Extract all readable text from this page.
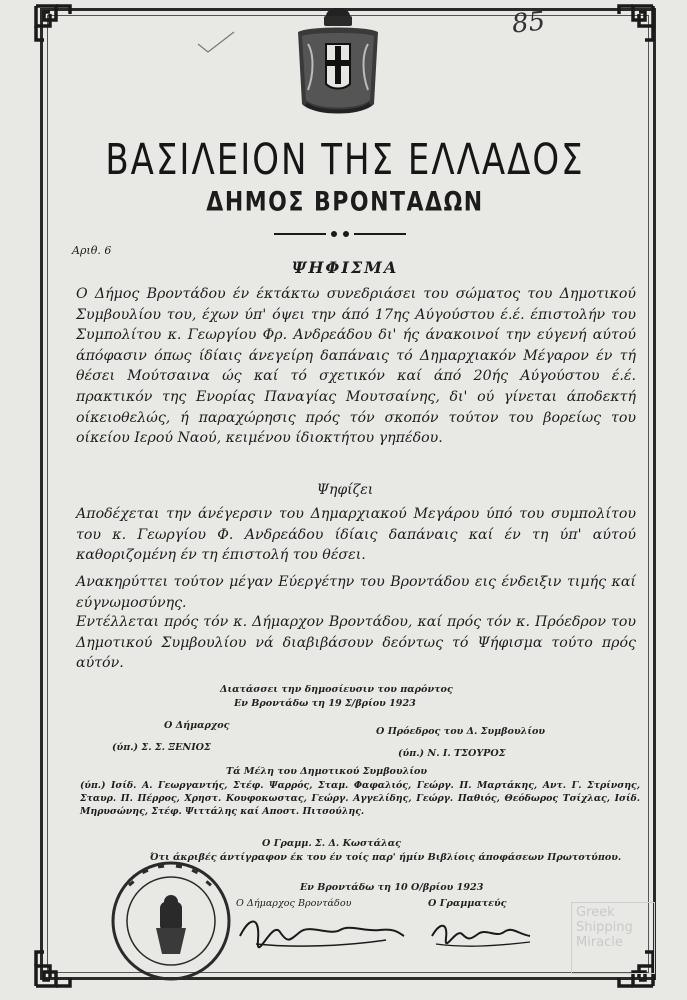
85
ΒΑΣΙΛΕΙΟΝ ΤΗΣ ΕΛΛΑΔΟΣ
ΔΗΜΟΣ ΒΡΟΝΤΑΔΩΝ
Αριθ. 6
ΨΗΦΙΣΜΑ

Ο Δήμος Βροντάδου έν έκτάκτω συνεδριάσει του σώματος του Δημοτικού Συμβουλίου του, έχων ύπ' όψει την άπό 17ης Αύγούστου έ.έ. έπιστολήν του Συμπολίτου κ. Γεωργίου Φρ. Ανδρεάδου δι' ής άνακοινοί την εύγενή αύτού άπόφασιν όπως ίδίαις άνεγείρη δαπάναις τό Δημαρχιακόν Μέγαρον έν τή θέσει Μούτσαινα ώς καί τό σχετικόν καί άπό 20ής Αύγούστου έ.έ. πρακτικόν της Ενορίας Παναγίας Μουτσαίνης, δι' ού γίνεται άποδεκτή οίκειοθελώς, ή παραχώρησις πρός τόν σκοπόν τούτον του βορείως του οίκείου Ιερού Ναού, κειμένου ίδιοκτήτου γηπέδου.

Ψηφίζει

Αποδέχεται την άνέγερσιν του Δημαρχιακού Μεγάρου ύπό του συμπολίτου του κ. Γεωργίου Φ. Ανδρεάδου ίδίαις δαπάναις καί έν τη ύπ' αύτού καθοριζομένη έν τη έπιστολή του θέσει.

Ανακηρύττει τούτον μέγαν Εύεργέτην του Βροντάδου εις ένδειξιν τιμής καί εύγνωμοσύνης.

Εντέλλεται πρός τόν κ. Δήμαρχον Βροντάδου, καί πρός τόν κ. Πρόεδρον του Δημοτικού Συμβουλίου νά διαβιβάσουν δεόντως τό Ψήφισμα τούτο πρός αύτόν.

Διατάσσει την δημοσίευσιν του παρόντος
Εν Βροντάδω τη 19 Σ/βρίου 1923
Ο Δήμαρχος
Ο Πρόεδρος του Δ. Συμβουλίου
(ύπ.) Σ. Σ. ΞΕΝΙΟΣ
(ύπ.) Ν. Ι. ΤΣΟΥΡΟΣ
Τά Μέλη του Δημοτικού Συμβουλίου

(ύπ.) Ισίδ. Α. Γεωργαντής, Στέφ. Ψαρρός, Σταμ. Φαφαλιός, Γεώργ. Π. Μαρτάκης, Αντ. Γ. Στρίνσης, Σταυρ. Π. Πέρρος, Χρηστ. Κουφοκωστας, Γεώργ. Αγγελίδης, Γεώργ. Παθιός, Θεόδωρος Τσίχλας, Ισίδ. Μηρυσώνης, Στέφ. Ψιττάλης καί Αποστ. Πιτσούλης.

Ο Γραμμ. Σ. Δ. Κωστάλας
Ότι άκριβές άντίγραφον έκ του έν τοίς παρ' ήμίν Βιβλίοις άποφάσεων Πρωτοτύπου.
Εν Βροντάδω τη 10 Ο/βρίου 1923
Ο Δήμαρχος Βροντάδου	Ο Γραμματεύς
Greek
Shipping
Miracle
